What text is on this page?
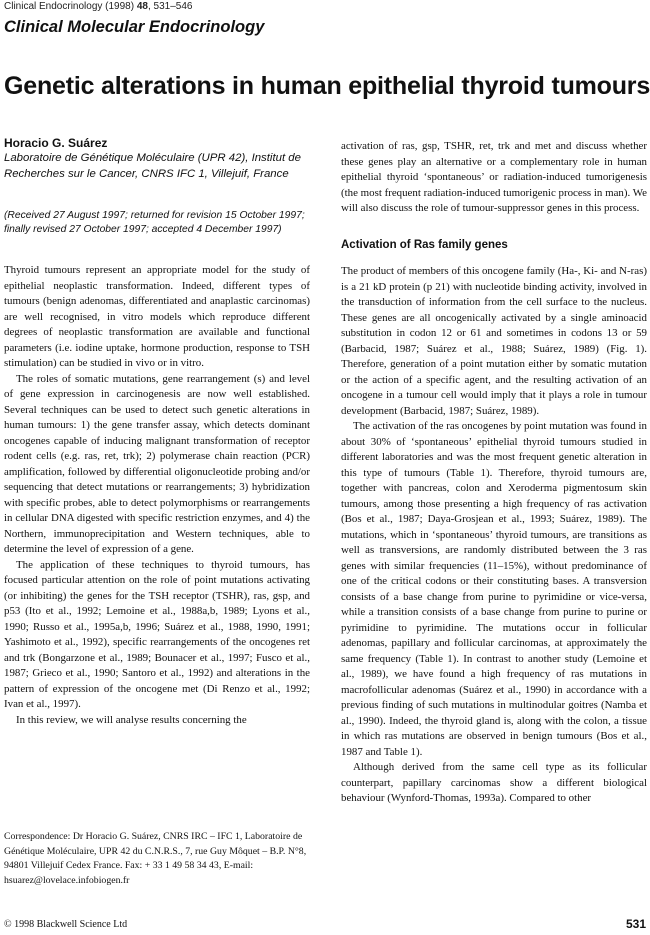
Clinical Endocrinology (1998) 48, 531–546
Clinical Molecular Endocrinology
Genetic alterations in human epithelial thyroid tumours
Horacio G. Suárez
Laboratoire de Génétique Moléculaire (UPR 42), Institut de Recherches sur le Cancer, CNRS IFC 1, Villejuif, France
(Received 27 August 1997; returned for revision 15 October 1997; finally revised 27 October 1997; accepted 4 December 1997)

Thyroid tumours represent an appropriate model for the study of epithelial neoplastic transformation. Indeed, different types of tumours (benign adenomas, differentiated and anaplastic carcinomas) are well recognised, in vitro models which reproduce different degrees of neoplastic transformation are available and functional parameters (i.e. iodine uptake, hormone production, response to TSH stimulation) can be studied in vivo or in vitro.

The roles of somatic mutations, gene rearrangement (s) and level of gene expression in carcinogenesis are now well established. Several techniques can be used to detect such genetic alterations in human tumours: 1) the gene transfer assay, which detects dominant oncogenes capable of inducing malignant transformation of receptor rodent cells (e.g. ras, ret, trk); 2) polymerase chain reaction (PCR) amplification, followed by differential oligonucleotide probing and/or sequencing that detect mutations or rearrangements; 3) hybridization with specific probes, able to detect polymorphisms or rearrangements in cellular DNA digested with specific restriction enzymes, and 4) the Northern, immunoprecipitation and Western techniques, able to determine the level of expression of a gene.

The application of these techniques to thyroid tumours, has focused particular attention on the role of point mutations activating (or inhibiting) the genes for the TSH receptor (TSHR), ras, gsp, and p53 (Ito et al., 1992; Lemoine et al., 1988a,b, 1989; Lyons et al., 1990; Russo et al., 1995a,b, 1996; Suárez et al., 1988, 1990, 1991; Yashimoto et al., 1992), specific rearrangements of the oncogenes ret and trk (Bongarzone et al., 1989; Bounacer et al., 1997; Fusco et al., 1987; Grieco et al., 1990; Santoro et al., 1992) and alterations in the pattern of expression of the oncogene met (Di Renzo et al., 1992; Ivan et al., 1997).

In this review, we will analyse results concerning the

activation of ras, gsp, TSHR, ret, trk and met and discuss whether these genes play an alternative or a complementary role in human epithelial thyroid ‘spontaneous’ or radiation-induced tumorigenesis (the most frequent radiation-induced tumorigenic process in man). We will also discuss the role of tumour-suppressor genes in this process.

Activation of Ras family genes

The product of members of this oncogene family (Ha-, Ki- and N-ras) is a 21 kD protein (p 21) with nucleotide binding activity, involved in the transduction of information from the cell surface to the nucleus. These genes are all oncogenically activated by a single aminoacid substitution in codon 12 or 61 and sometimes in codons 13 or 59 (Barbacid, 1987; Suárez et al., 1988; Suárez, 1989) (Fig. 1). Therefore, generation of a point mutation either by somatic mutation or the action of a specific agent, and the resulting activation of an oncogene in a tumour cell would imply that it plays a role in tumour development (Barbacid, 1987; Suárez, 1989).

The activation of the ras oncogenes by point mutation was found in about 30% of ‘spontaneous’ epithelial thyroid tumours studied in different laboratories and was the most frequent genetic alteration in this type of tumours (Table 1). Therefore, thyroid tumours are, together with pancreas, colon and Xeroderma pigmentosum skin tumours, among those presenting a high frequency of ras activation (Bos et al., 1987; Daya-Grosjean et al., 1993; Suárez, 1989). The mutations, which in ‘spontaneous’ thyroid tumours, are transitions as well as transversions, are randomly distributed between the 3 ras genes with similar frequencies (11–15%), without predominance of one of the critical codons or their constituting bases. A transversion consists of a base change from purine to pyrimidine or vice-versa, while a transition consists of a base change from purine to purine or pyrimidine to pyrimidine. The mutations occur in follicular adenomas, papillary and follicular carcinomas, at approximately the same frequency (Table 1). In contrast to another study (Lemoine et al., 1989), we have found a high frequency of ras mutations in macrofollicular adenomas (Suárez et al., 1990) in accordance with a previous finding of such mutations in multinodular goitres (Namba et al., 1990). Indeed, the thyroid gland is, along with the colon, a tissue in which ras mutations are observed in benign tumours (Bos et al., 1987 and Table 1).

Although derived from the same cell type as its follicular counterpart, papillary carcinomas show a different biological behaviour (Wynford-Thomas, 1993a). Compared to other

Correspondence: Dr Horacio G. Suárez, CNRS IRC – IFC 1, Laboratoire de Génétique Moléculaire, UPR 42 du C.N.R.S., 7, rue Guy Môquet – B.P. N°8, 94801 Villejuif Cedex France. Fax: + 33 1 49 58 34 43, E-mail: hsuarez@lovelace.infobiogen.fr
© 1998 Blackwell Science Ltd	531
